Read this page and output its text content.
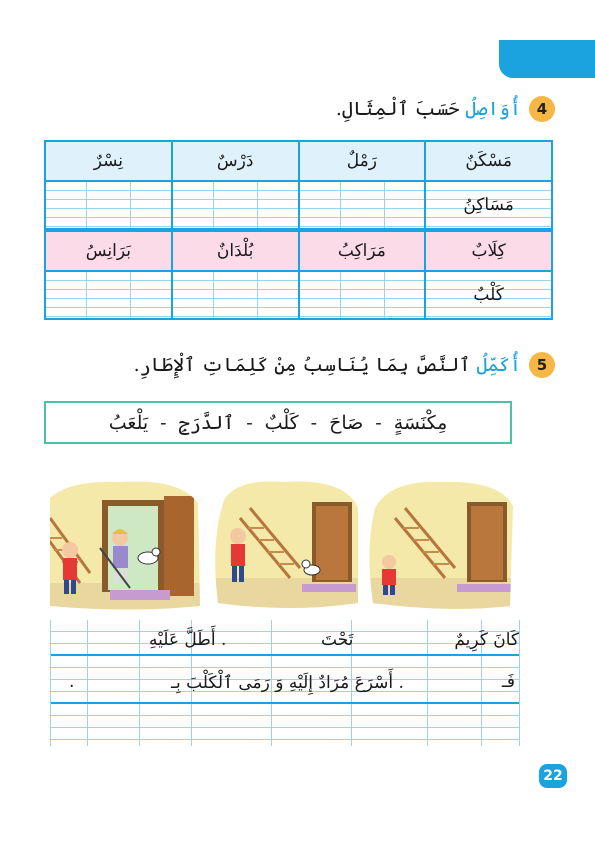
4
أُوَاصِلُ حَسَبَ ٱلْمِثَالِ.
مَسْكَنٌ
رَمْلٌ
دَرْسٌ
نِسْرٌ
مَسَاكِنُ
كِلَابٌ
مَرَاكِبُ
بُلْدَانٌ
بَرَانِسُ
كَلْبٌ
5
أُكَمِّلُ ٱلنَّصَّ بِمَا يُنَاسِبُ مِنْ كَلِمَاتِ ٱلْإِطَارِ.
مِكْنَسَةٍ
-
صَاحَ
-
كَلْبٌ
-
ٱلدَّرَجِ
-
يَلْعَبُ
كَانَ كَرِيمٌ
تَحْتَ
. أَطَلَّ عَلَيْهِ
فَـ
. أَسْرَعَ مُرَادٌ إِلَيْهِ وَ رَمَى ٱلْكَلْبَ بِـ
.
22
